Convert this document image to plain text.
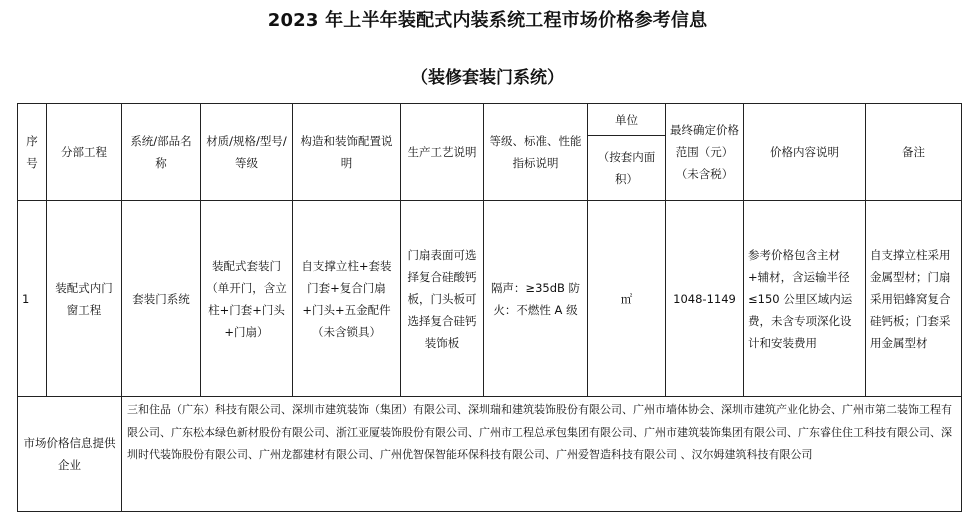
2023 年上半年装配式内装系统工程市场价格参考信息
（装修套装门系统）
序号	分部工程	系统/部品名称	材质/规格/型号/等级	构造和装饰配置说明	生产工艺说明	等级、标准、性能指标说明	单位	最终确定价格范围（元）（未含税）	价格内容说明	备注
							（按套内面积）			
1	装配式内门窗工程	套装门系统	装配式套装门（单开门，含立柱+门套+门头+门扇）	自支撑立柱+套装门套+复合门扇+门头+五金配件（未含锁具）	门扇表面可选择复合硅酸钙板，门头板可选择复合硅钙装饰板	隔声：≥35dB 防火：不燃性 A 级	㎡	1048-1149	参考价格包含主材+辅材，含运输半径≤150 公里区域内运费，未含专项深化设计和安装费用	自支撑立柱采用金属型材；门扇采用铝蜂窝复合硅钙板；门套采用金属型材
市场价格信息提供企业		三和住品（广东）科技有限公司、深圳市建筑装饰（集团）有限公司、深圳瑞和建筑装饰股份有限公司、广州市墙体协会、深圳市建筑产业化协会、广州市第二装饰工程有限公司、广东松本绿色新材股份有限公司、浙江亚厦装饰股份有限公司、广州市工程总承包集团有限公司、广州市建筑装饰集团有限公司、广东睿住住工科技有限公司、深圳时代装饰股份有限公司、广州龙都建材有限公司、广州优智保智能环保科技有限公司、广州爱智造科技有限公司 、汉尔姆建筑科技有限公司								
